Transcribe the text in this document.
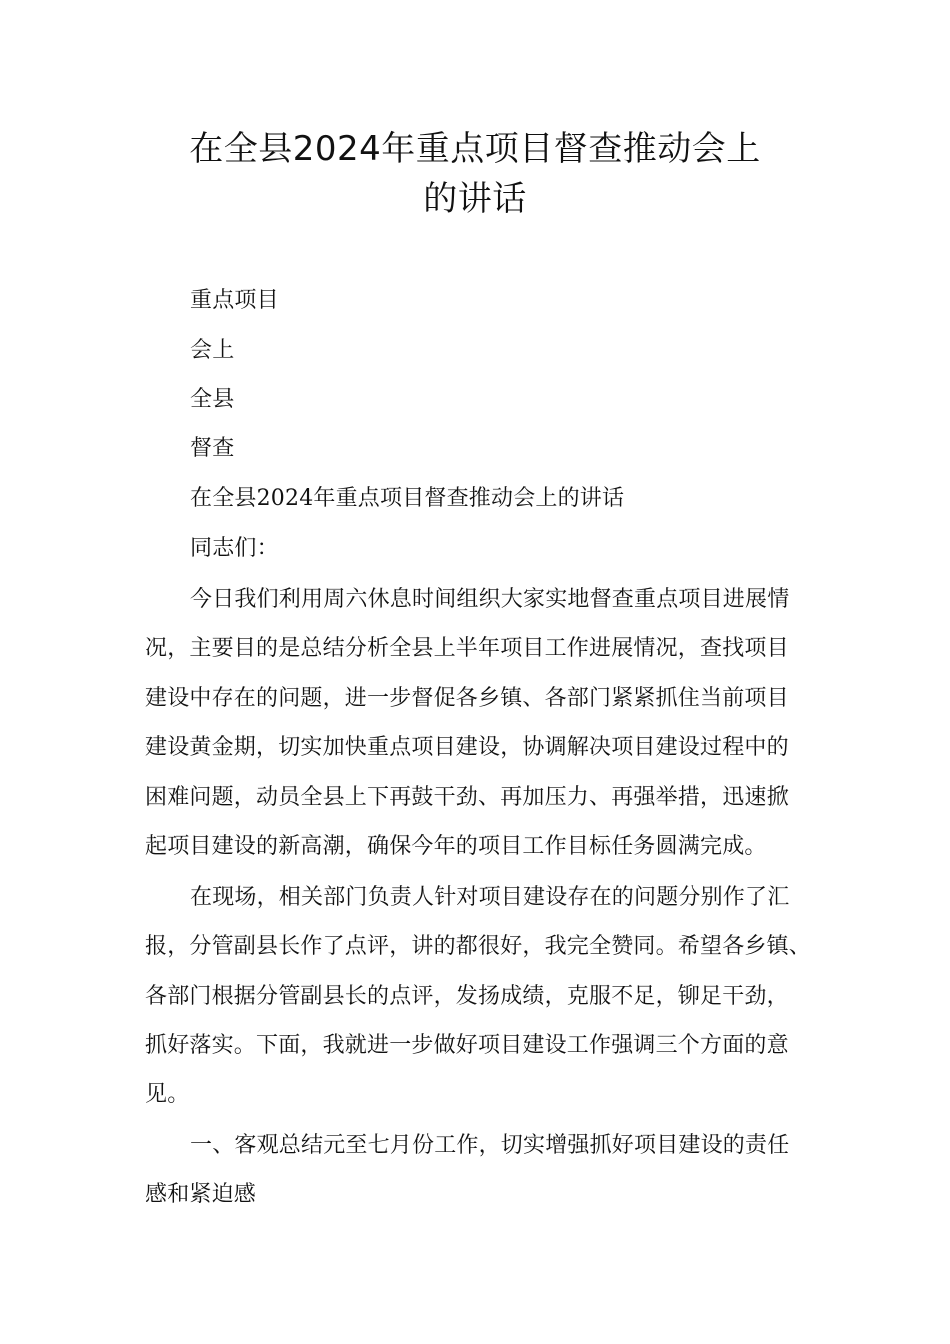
在全县2024年重点项目督查推动会上
的讲话
重点项目
会上
全县
督查
在全县2024年重点项目督查推动会上的讲话
同志们：
今日我们利用周六休息时间组织大家实地督查重点项目进展情
况，主要目的是总结分析全县上半年项目工作进展情况，查找项目
建设中存在的问题，进一步督促各乡镇、各部门紧紧抓住当前项目
建设黄金期，切实加快重点项目建设，协调解决项目建设过程中的
困难问题，动员全县上下再鼓干劲、再加压力、再强举措，迅速掀
起项目建设的新高潮，确保今年的项目工作目标任务圆满完成。
在现场，相关部门负责人针对项目建设存在的问题分别作了汇
报，分管副县长作了点评，讲的都很好，我完全赞同。希望各乡镇、
各部门根据分管副县长的点评，发扬成绩，克服不足，铆足干劲，
抓好落实。下面，我就进一步做好项目建设工作强调三个方面的意
见。
一、客观总结元至七月份工作，切实增强抓好项目建设的责任
感和紧迫感
